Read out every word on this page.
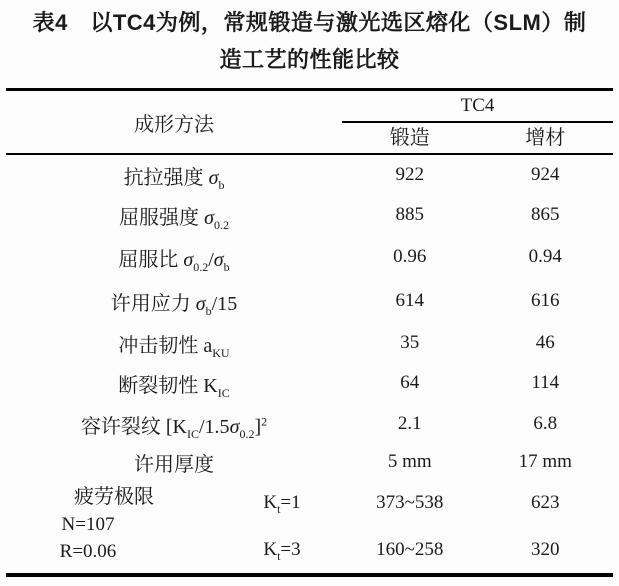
表4　以TC4为例，常规锻造与激光选区熔化（SLM）制
造工艺的性能比较
成形方法
TC4
锻造	增材
抗拉强度 $\sigma_b$	922	924
屈服强度 $\sigma_{0.2}$	885	865
屈服比 $\sigma_{0.2}/\sigma_b$	0.96	0.94
许用应力 $\sigma_b/15$	614	616
冲击韧性 $a_{KU}$	35	46
断裂韧性 $K_{IC}$	64	114
容许裂纹 $[K_{IC}/1.5\sigma_{0.2}]^2$	2.1	6.8
许用厚度	5 mm	17 mm
疲劳极限
N=107
R=0.06
$K_t=1$	373~538	623
$K_t=3$	160~258	320
